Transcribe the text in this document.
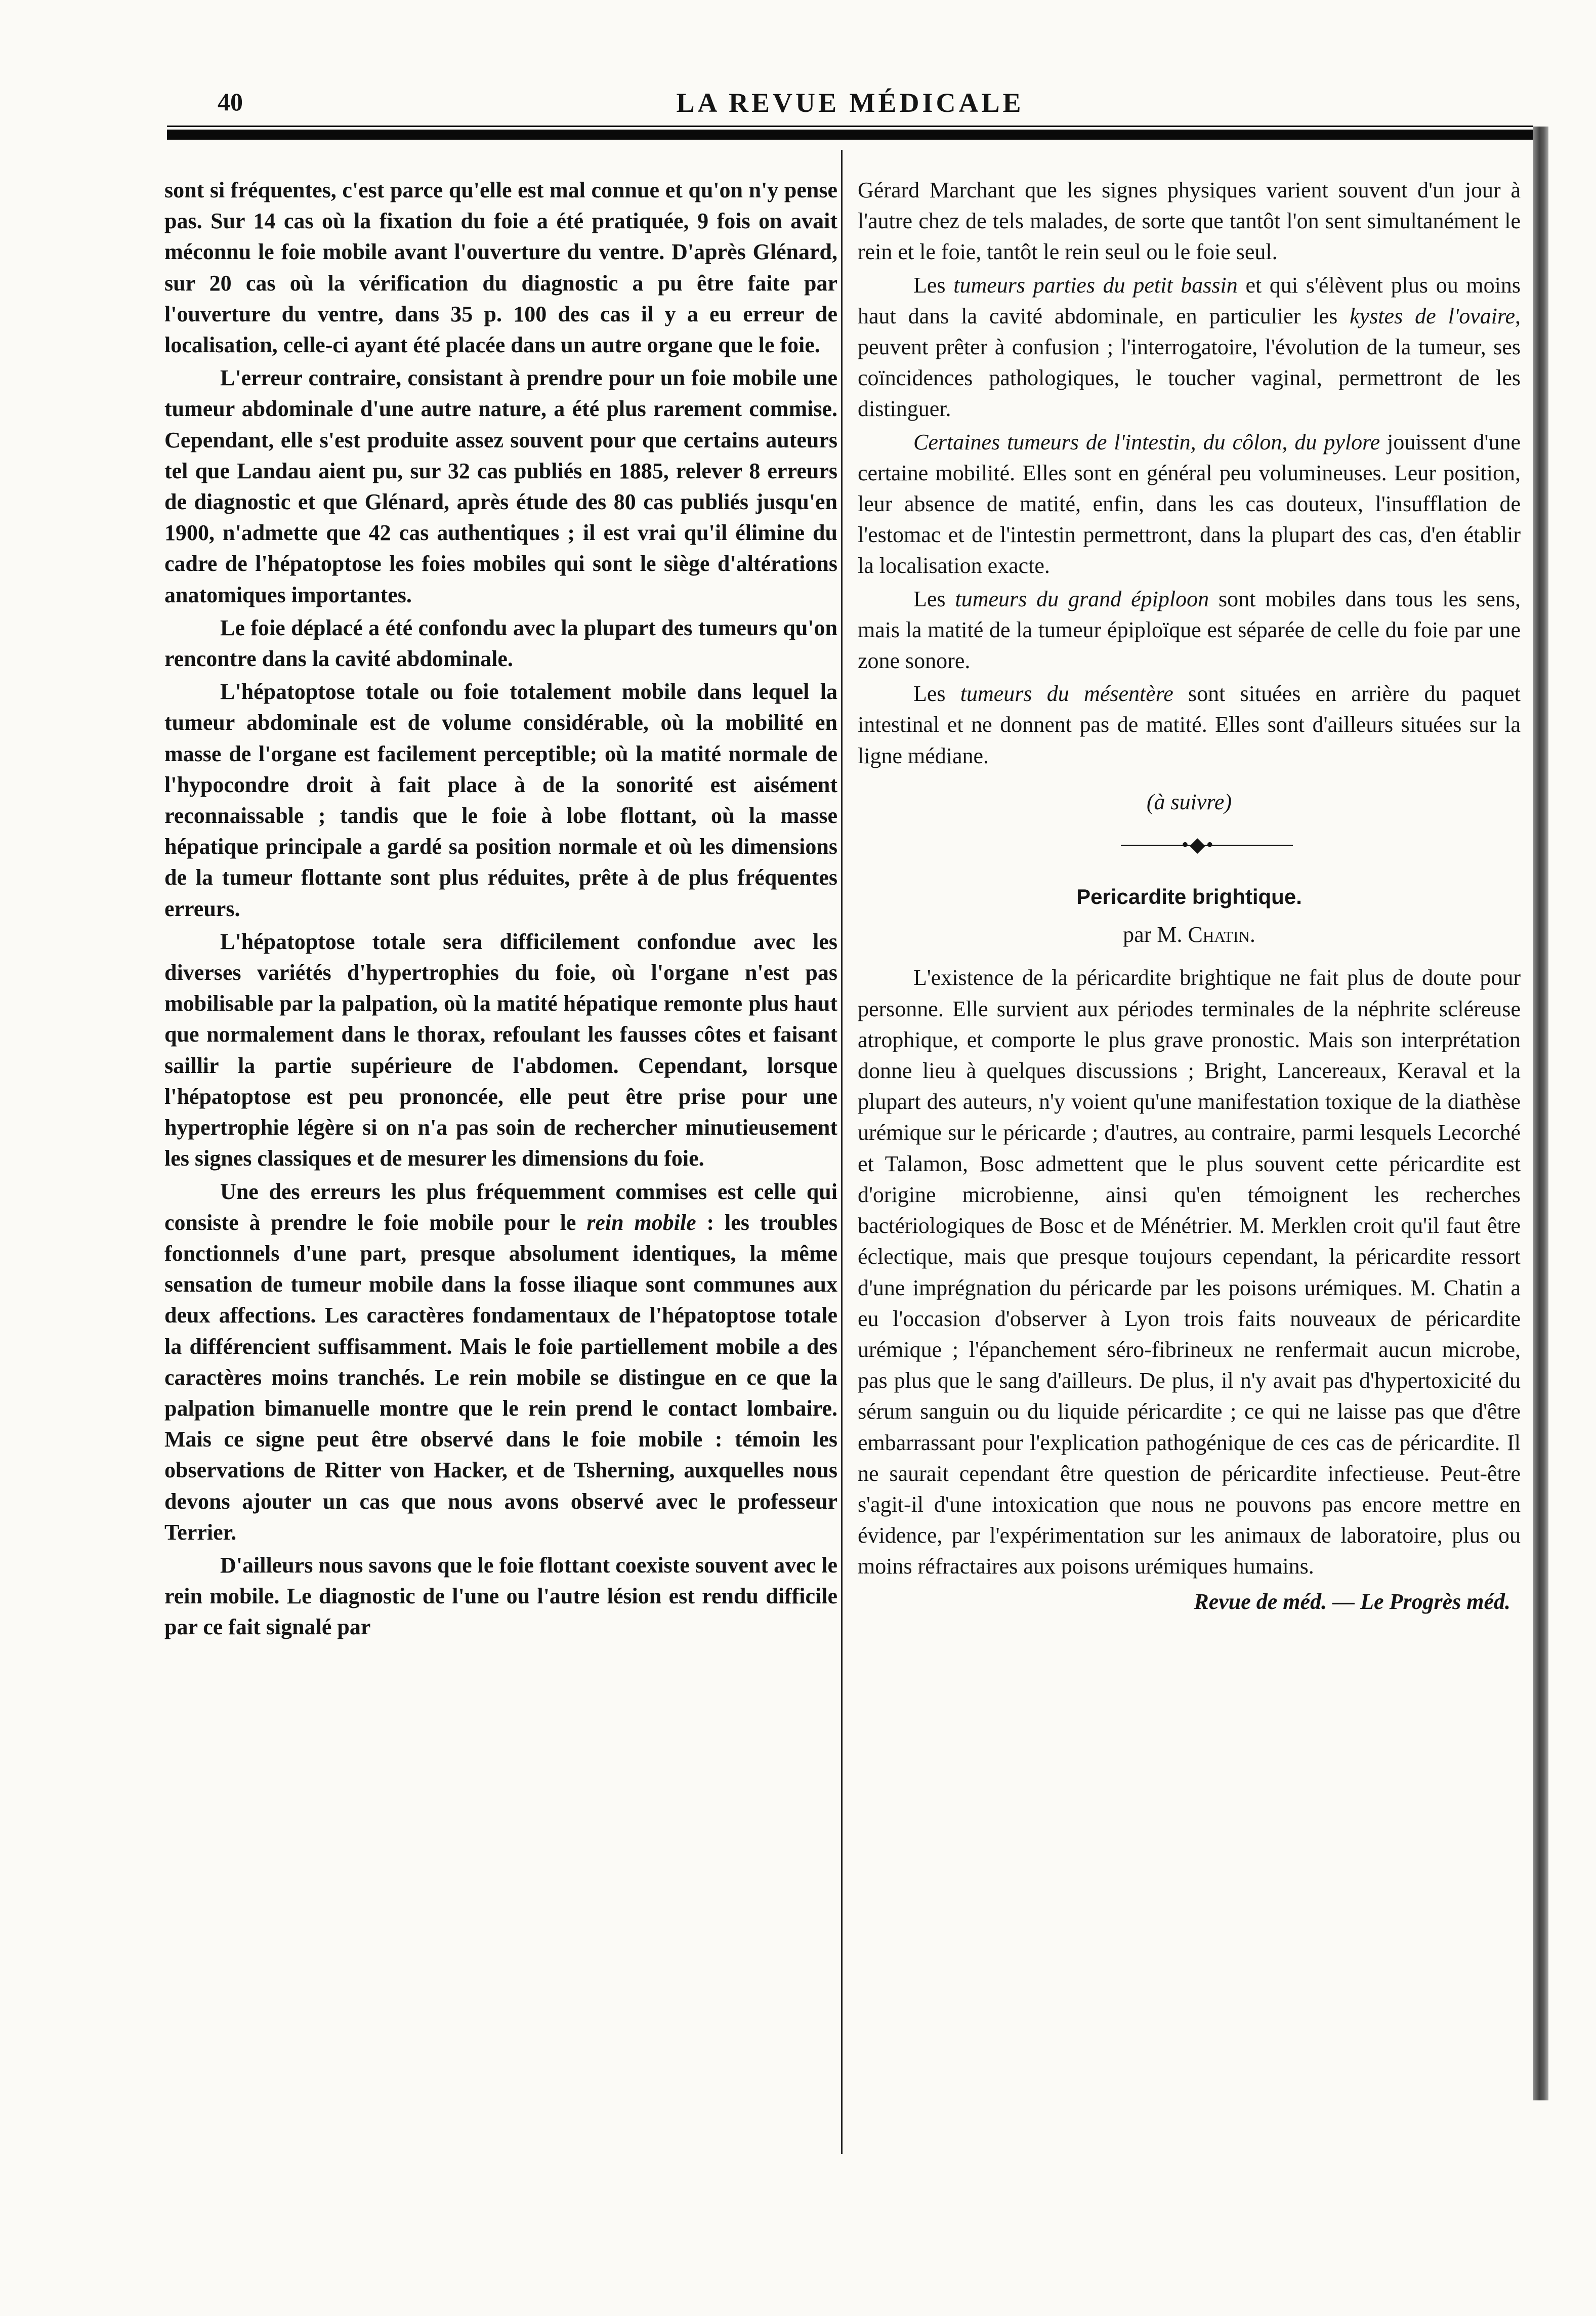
40	LA REVUE MÉDICALE

sont si fréquentes, c'est parce qu'elle est mal connue et qu'on n'y pense pas. Sur 14 cas où la fixation du foie a été pratiquée, 9 fois on avait méconnu le foie mobile avant l'ouverture du ventre. D'après Glénard, sur 20 cas où la vérification du diagnostic a pu être faite par l'ouverture du ventre, dans 35 p. 100 des cas il y a eu erreur de localisation, celle-ci ayant été placée dans un autre organe que le foie.

L'erreur contraire, consistant à prendre pour un foie mobile une tumeur abdominale d'une autre nature, a été plus rarement commise. Cependant, elle s'est produite assez souvent pour que certains auteurs tel que Landau aient pu, sur 32 cas publiés en 1885, relever 8 erreurs de diagnostic et que Glénard, après étude des 80 cas publiés jusqu'en 1900, n'admette que 42 cas authentiques ; il est vrai qu'il élimine du cadre de l'hépatoptose les foies mobiles qui sont le siège d'altérations anatomiques importantes.

Le foie déplacé a été confondu avec la plupart des tumeurs qu'on rencontre dans la cavité abdominale.

L'hépatoptose totale ou foie totalement mobile dans lequel la tumeur abdominale est de volume considérable, où la mobilité en masse de l'organe est facilement perceptible; où la matité normale de l'hypocondre droit à fait place à de la sonorité est aisément reconnaissable ; tandis que le foie à lobe flottant, où la masse hépatique principale a gardé sa position normale et où les dimensions de la tumeur flottante sont plus réduites, prête à de plus fréquentes erreurs.

L'hépatoptose totale sera difficilement confondue avec les diverses variétés d'hypertrophies du foie, où l'organe n'est pas mobilisable par la palpation, où la matité hépatique remonte plus haut que normalement dans le thorax, refoulant les fausses côtes et faisant saillir la partie supérieure de l'abdomen. Cependant, lorsque l'hépatoptose est peu prononcée, elle peut être prise pour une hypertrophie légère si on n'a pas soin de rechercher minutieusement les signes classiques et de mesurer les dimensions du foie.

Une des erreurs les plus fréquemment commises est celle qui consiste à prendre le foie mobile pour le rein mobile : les troubles fonctionnels d'une part, presque absolument identiques, la même sensation de tumeur mobile dans la fosse iliaque sont communes aux deux affections. Les caractères fondamentaux de l'hépatoptose totale la différencient suffisamment. Mais le foie partiellement mobile a des caractères moins tranchés. Le rein mobile se distingue en ce que la palpation bimanuelle montre que le rein prend le contact lombaire. Mais ce signe peut être observé dans le foie mobile : témoin les observations de Ritter von Hacker, et de Tsherning, auxquelles nous devons ajouter un cas que nous avons observé avec le professeur Terrier.

D'ailleurs nous savons que le foie flottant coexiste souvent avec le rein mobile. Le diagnostic de l'une ou l'autre lésion est rendu difficile par ce fait signalé par

Gérard Marchant que les signes physiques varient souvent d'un jour à l'autre chez de tels malades, de sorte que tantôt l'on sent simultanément le rein et le foie, tantôt le rein seul ou le foie seul.

Les tumeurs parties du petit bassin et qui s'élèvent plus ou moins haut dans la cavité abdominale, en particulier les kystes de l'ovaire, peuvent prêter à confusion ; l'interrogatoire, l'évolution de la tumeur, ses coïncidences pathologiques, le toucher vaginal, permettront de les distinguer.

Certaines tumeurs de l'intestin, du côlon, du pylore jouissent d'une certaine mobilité. Elles sont en général peu volumineuses. Leur position, leur absence de matité, enfin, dans les cas douteux, l'insufflation de l'estomac et de l'intestin permettront, dans la plupart des cas, d'en établir la localisation exacte.

Les tumeurs du grand épiploon sont mobiles dans tous les sens, mais la matité de la tumeur épiploïque est séparée de celle du foie par une zone sonore.

Les tumeurs du mésentère sont situées en arrière du paquet intestinal et ne donnent pas de matité. Elles sont d'ailleurs situées sur la ligne médiane.

(à suivre)
•◆•
Pericardite brightique.
par M. Chatin.

L'existence de la péricardite brightique ne fait plus de doute pour personne. Elle survient aux périodes terminales de la néphrite scléreuse atrophique, et comporte le plus grave pronostic. Mais son interprétation donne lieu à quelques discussions ; Bright, Lancereaux, Keraval et la plupart des auteurs, n'y voient qu'une manifestation toxique de la diathèse urémique sur le péricarde ; d'autres, au contraire, parmi lesquels Lecorché et Talamon, Bosc admettent que le plus souvent cette péricardite est d'origine microbienne, ainsi qu'en témoignent les recherches bactériologiques de Bosc et de Ménétrier. M. Merklen croit qu'il faut être éclectique, mais que presque toujours cependant, la péricardite ressort d'une imprégnation du péricarde par les poisons urémiques. M. Chatin a eu l'occasion d'observer à Lyon trois faits nouveaux de péricardite urémique ; l'épanchement séro-fibrineux ne renfermait aucun microbe, pas plus que le sang d'ailleurs. De plus, il n'y avait pas d'hypertoxicité du sérum sanguin ou du liquide péricardite ; ce qui ne laisse pas que d'être embarrassant pour l'explication pathogénique de ces cas de péricardite. Il ne saurait cependant être question de péricardite infectieuse. Peut-être s'agit-il d'une intoxication que nous ne pouvons pas encore mettre en évidence, par l'expérimentation sur les animaux de laboratoire, plus ou moins réfractaires aux poisons urémiques humains.

Revue de méd. — Le Progrès méd.
